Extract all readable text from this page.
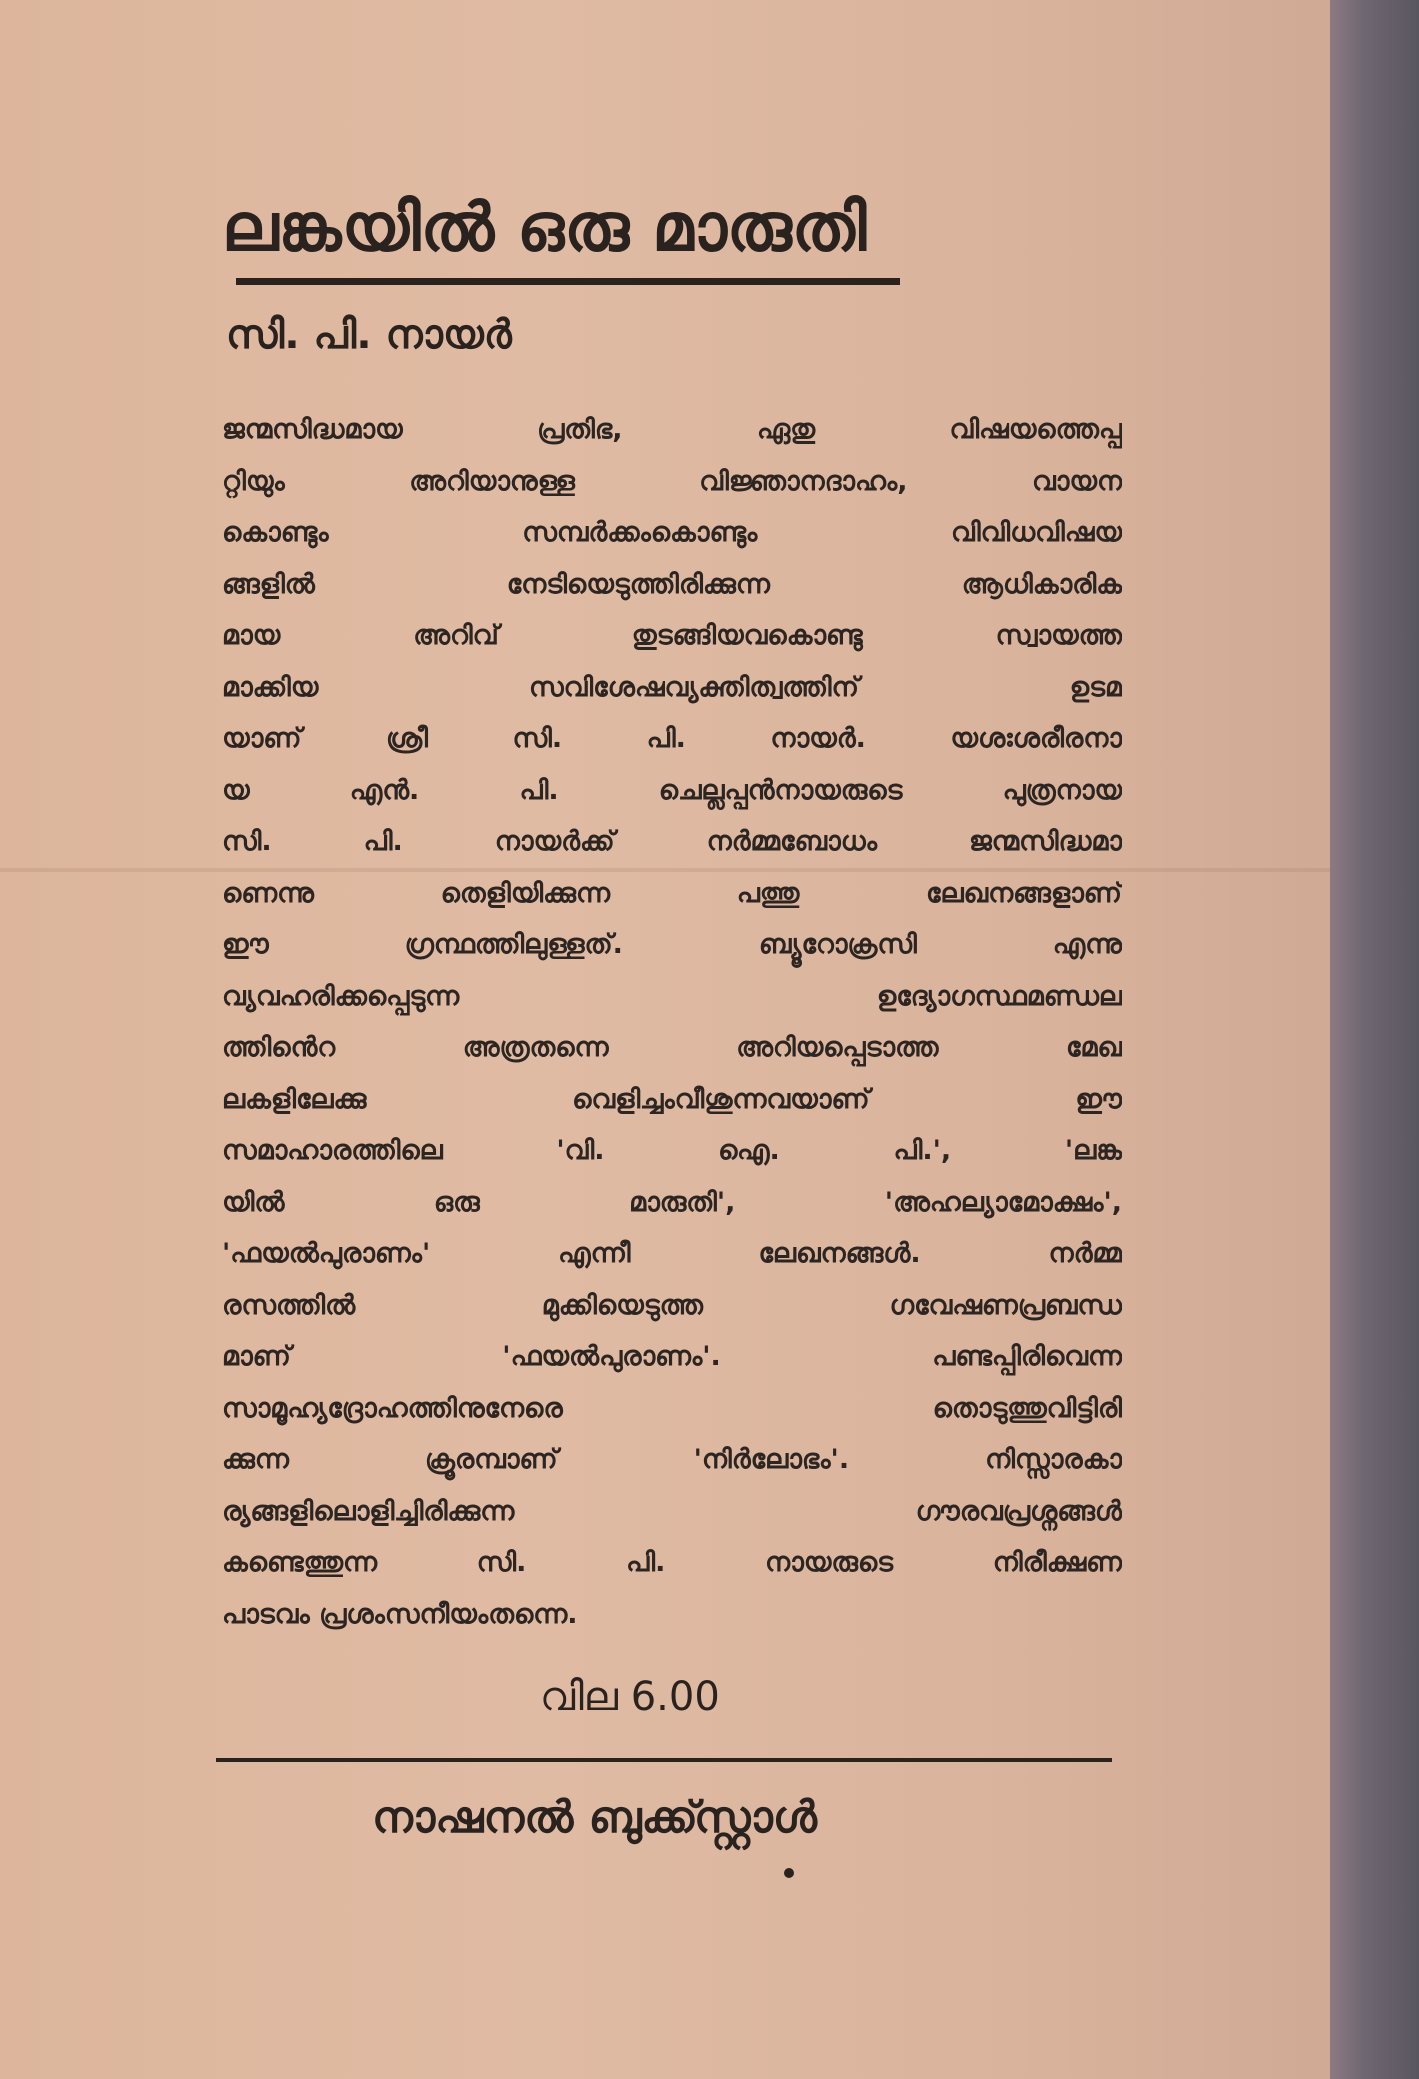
ലങ്കയിൽ ഒരു മാരുതി
സി. പി. നായർ
ജന്മസിദ്ധമായ പ്രതിഭ, ഏതു വിഷയത്തെപ്പ
റ്റിയും അറിയാനുള്ള വിജ്ഞാനദാഹം, വായന
കൊണ്ടും സമ്പർക്കംകൊണ്ടും വിവിധവിഷയ
ങ്ങളിൽ നേടിയെടുത്തിരിക്കുന്ന ആധികാരിക
മായ അറിവ് തുടങ്ങിയവകൊണ്ടു സ്വായത്ത
മാക്കിയ സവിശേഷവ്യക്തിത്വത്തിന് ഉടമ
യാണ് ശ്രീ സി. പി. നായർ. യശഃശരീരനാ
യ എൻ. പി. ചെല്ലപ്പൻനായരുടെ പുത്രനായ
സി. പി. നായർക്ക് നർമ്മബോധം ജന്മസിദ്ധമാ
ണെന്നു തെളിയിക്കുന്ന പത്തു ലേഖനങ്ങളാണ്
ഈ ഗ്രന്ഥത്തിലുള്ളത്. ബ്യൂറോക്രസി എന്നു
വ്യവഹരിക്കപ്പെടുന്ന ഉദ്യോഗസ്ഥമണ്ഡല
ത്തിൻെറ അത്രതന്നെ അറിയപ്പെടാത്ത മേഖ
ലകളിലേക്കു വെളിച്ചംവീശുന്നവയാണ് ഈ
സമാഹാരത്തിലെ 'വി. ഐ. പി.', 'ലങ്ക
യിൽ ഒരു മാരുതി', 'അഹല്യാമോക്ഷം',
'ഫയൽപുരാണം' എന്നീ ലേഖനങ്ങൾ. നർമ്മ
രസത്തിൽ മുക്കിയെടുത്ത ഗവേഷണപ്രബന്ധ
മാണ് 'ഫയൽപുരാണം'. പണ്ടപ്പിരിവെന്ന
സാമൂഹ്യദ്രോഹത്തിനുനേരെ തൊടുത്തുവിട്ടിരി
ക്കുന്ന ക്രൂരമ്പാണ് 'നിർലോഭം'. നിസ്സാരകാ
ര്യങ്ങളിലൊളിച്ചിരിക്കുന്ന ഗൗരവപ്രശ്നങ്ങൾ
കണ്ടെത്തുന്ന സി. പി. നായരുടെ നിരീക്ഷണ
പാടവം പ്രശംസനീയംതന്നെ.
വില 6.00
നാഷനൽ ബുക്ക്സ്റ്റാൾ
